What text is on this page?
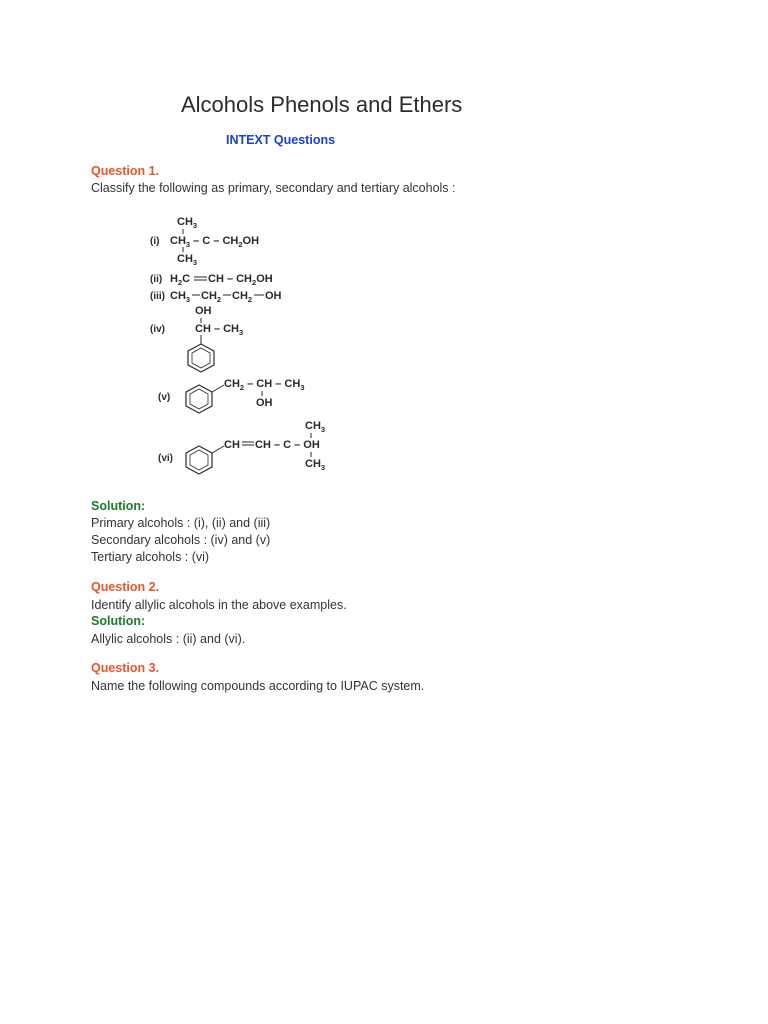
Alcohols Phenols and Ethers
INTEXT Questions
Question 1.
Classify the following as primary, secondary and tertiary alcohols :
$CH_3$
(i) $CH_3$ – C – $CH_2OH$
$CH_3$
(ii) $H_2C$ CH – $CH_2OH$
(iii) $CH_3$ $CH_2$ $CH_2$ OH
OH
(iv)	CH – $CH_3$
(v)
$CH_2$ – CH – $CH_3$
OH
$CH_3$
(vi)
CH CH – C – OH
$CH_3$
Solution:
Primary alcohols : (i), (ii) and (iii)
Secondary alcohols : (iv) and (v)
Tertiary alcohols : (vi)
Question 2.
Identify allylic alcohols in the above examples.
Solution:
Allylic alcohols : (ii) and (vi).
Question 3.
Name the following compounds according to IUPAC system.
